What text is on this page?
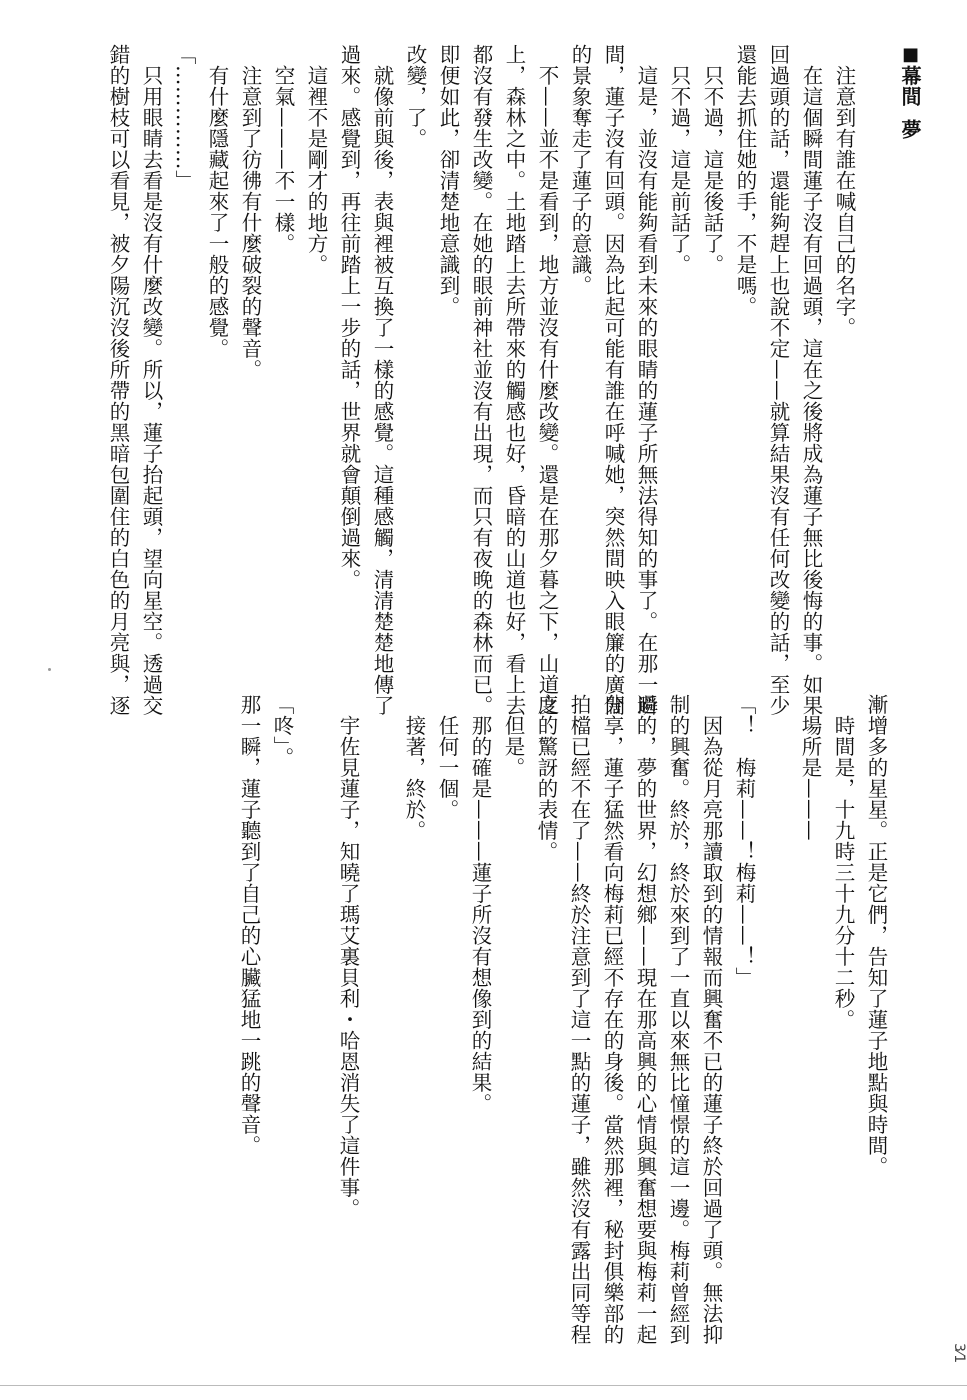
■幕間夢
注意到有誰在喊自己的名字。
在這個瞬間蓮子沒有回過頭，這在之後將成為蓮子無比後悔的事。如果
回過頭的話，還能夠趕上也說不定——就算結果沒有任何改變的話，至少
還能去抓住她的手，不是嗎。
只不過，這是後話了。
只不過，這是前話了。
這是，並沒有能夠看到未來的眼睛的蓮子所無法得知的事了。在那一瞬
間，蓮子沒有回頭。因為比起可能有誰在呼喊她，突然間映入眼簾的廣闊
的景象奪走了蓮子的意識。
不——並不是看到，地方並沒有什麼改變。還是在那夕暮之下，山道之
上，森林之中。土地踏上去所帶來的觸感也好，昏暗的山道也好，看上去
都沒有發生改變。在她的眼前神社並沒有出現，而只有夜晚的森林而已。
即便如此，卻清楚地意識到。
改變，了。
就像前與後，表與裡被互換了一樣的感覺。這種感觸，清清楚楚地傳了
過來。感覺到，再往前踏上一步的話，世界就會顛倒過來。
這裡不是剛才的地方。
空氣———不一樣。
注意到了彷彿有什麼破裂的聲音。
有什麼隱藏起來了一般的感覺。
「……………」
只用眼睛去看是沒有什麼改變。所以，蓮子抬起頭，望向星空。透過交
錯的樹枝可以看見，被夕陽沉沒後所帶的黑暗包圍住的白色的月亮與，逐
漸增多的星星。正是它們，告知了蓮子地點與時間。
時間是，十九時三十九分十二秒。
場所是———
「！　梅莉——！梅莉——！」
因為從月亮那讀取到的情報而興奮不已的蓮子終於回過了頭。無法抑
制的興奮。終於，終於來到了一直以來無比憧憬的這一邊。梅莉曾經到
過的，夢的世界，幻想鄉——現在那高興的心情與興奮想要與梅莉一起
分享，蓮子猛然看向梅莉已經不存在的身後。當然那裡，秘封俱樂部的
拍檔已經不在了——終於注意到了這一點的蓮子，雖然沒有露出同等程
度的驚訝的表情。
但是。
那的確是———蓮子所沒有想像到的結果。
任何一個。
接著，終於。
宇佐見蓮子，知曉了瑪艾裏貝利・哈恩消失了這件事。
「咚」。
那一瞬，蓮子聽到了自己的心臟猛地一跳的聲音。
3⁄1
